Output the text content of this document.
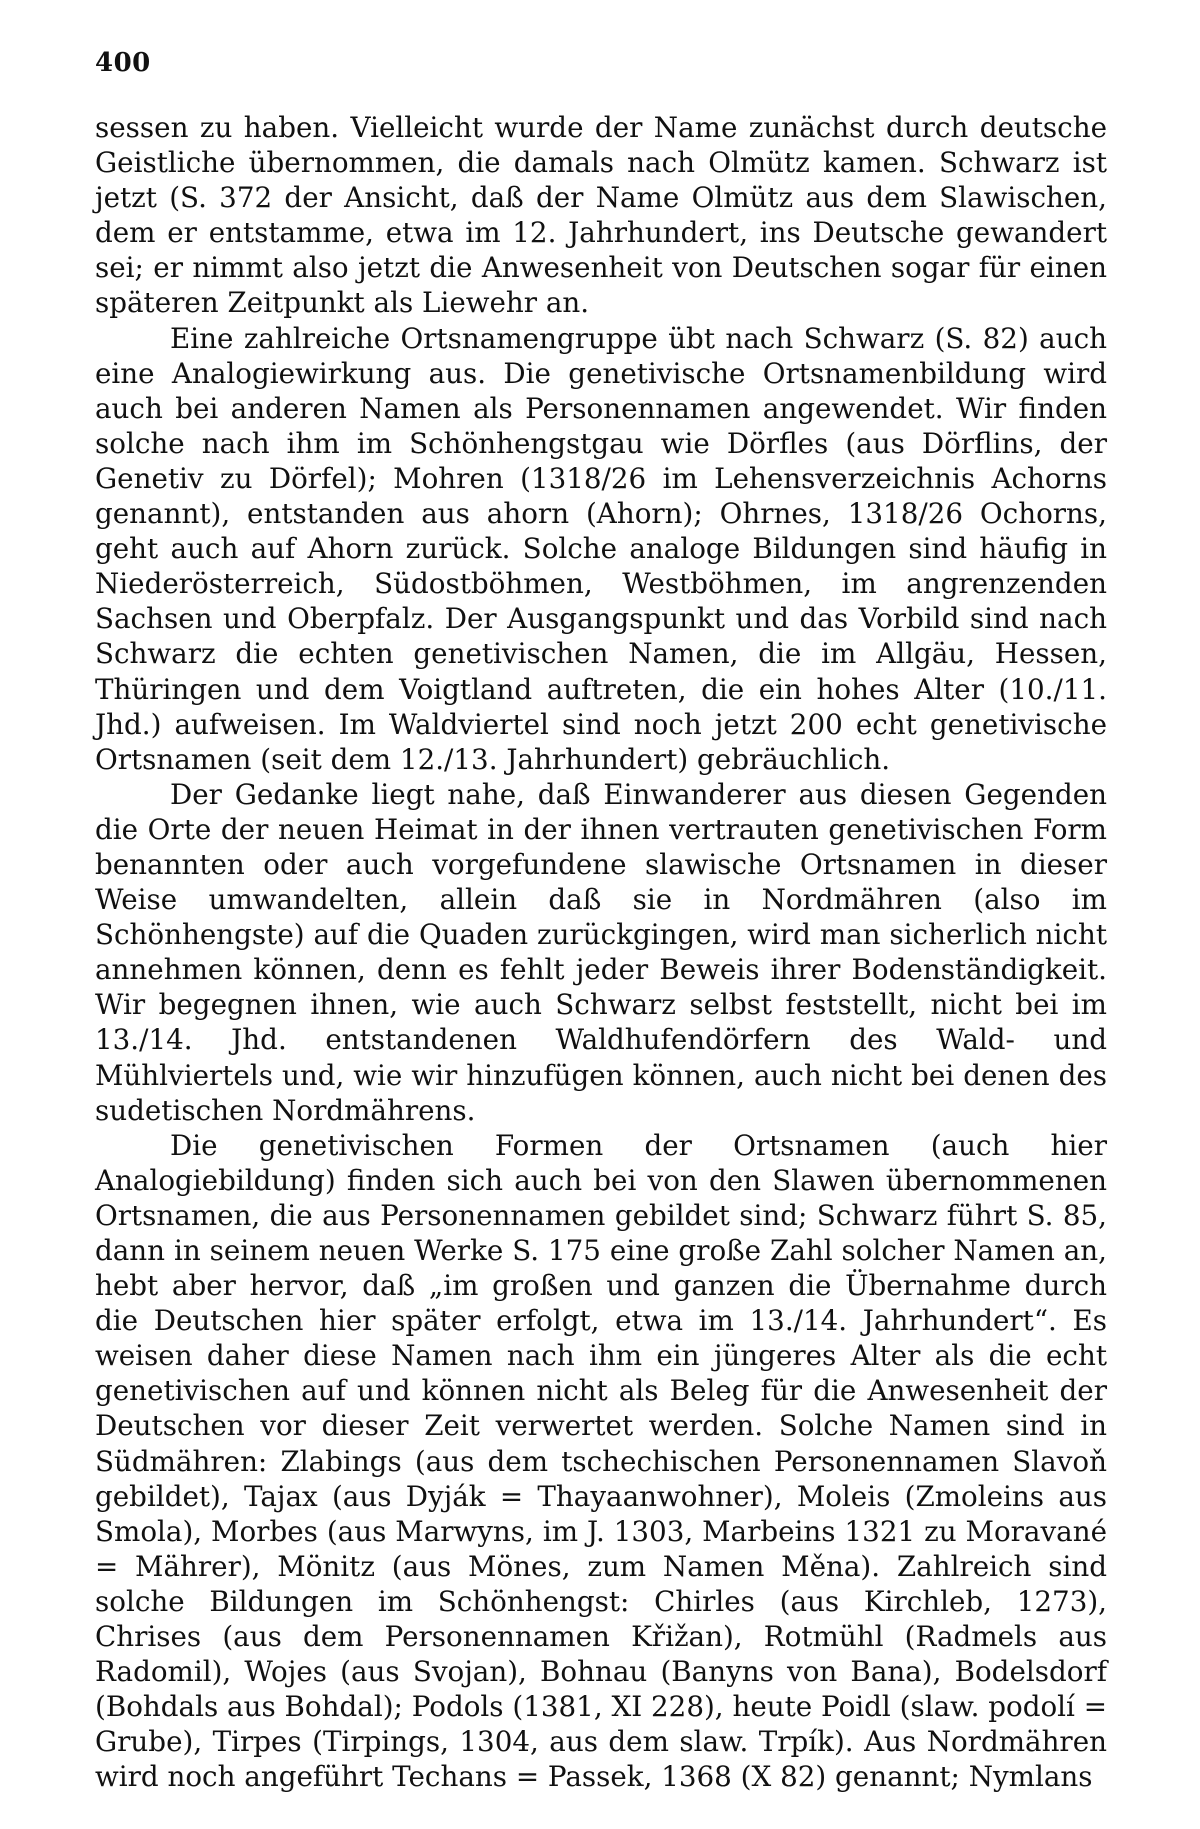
400

sessen zu haben. Vielleicht wurde der Name zunächst durch deutsche Geistliche übernommen, die damals nach Olmütz kamen. Schwarz ist jetzt (S. 372 der Ansicht, daß der Name Olmütz aus dem Slawischen, dem er entstamme, etwa im 12. Jahrhundert, ins Deutsche gewandert sei; er nimmt also jetzt die Anwesenheit von Deutschen sogar für einen späteren Zeitpunkt als Liewehr an.

Eine zahlreiche Ortsnamengruppe übt nach Schwarz (S. 82) auch eine Analogiewirkung aus. Die genetivische Ortsnamenbildung wird auch bei anderen Namen als Personennamen angewendet. Wir finden solche nach ihm im Schönhengstgau wie Dörfles (aus Dörflins, der Genetiv zu Dörfel); Mohren (1318/26 im Lehensverzeichnis Achorns genannt), entstanden aus ahorn (Ahorn); Ohrnes, 1318/26 Ochorns, geht auch auf Ahorn zurück. Solche analoge Bildungen sind häufig in Niederösterreich, Südostböhmen, Westböhmen, im angrenzenden Sachsen und Oberpfalz. Der Ausgangspunkt und das Vorbild sind nach Schwarz die echten genetivischen Namen, die im Allgäu, Hessen, Thüringen und dem Voigtland auftreten, die ein hohes Alter (10./11. Jhd.) aufweisen. Im Waldviertel sind noch jetzt 200 echt genetivische Ortsnamen (seit dem 12./13. Jahrhundert) gebräuchlich.

Der Gedanke liegt nahe, daß Einwanderer aus diesen Gegenden die Orte der neuen Heimat in der ihnen vertrauten genetivischen Form benannten oder auch vorgefundene slawische Ortsnamen in dieser Weise umwandelten, allein daß sie in Nordmähren (also im Schönhengste) auf die Quaden zurückgingen, wird man sicherlich nicht annehmen können, denn es fehlt jeder Beweis ihrer Bodenständigkeit. Wir begegnen ihnen, wie auch Schwarz selbst feststellt, nicht bei im 13./14. Jhd. entstandenen Waldhufendörfern des Wald- und Mühlviertels und, wie wir hinzufügen können, auch nicht bei denen des sudetischen Nordmährens.

Die genetivischen Formen der Ortsnamen (auch hier Analogiebildung) finden sich auch bei von den Slawen übernommenen Ortsnamen, die aus Personennamen gebildet sind; Schwarz führt S. 85, dann in seinem neuen Werke S. 175 eine große Zahl solcher Namen an, hebt aber hervor, daß „im großen und ganzen die Übernahme durch die Deutschen hier später erfolgt, etwa im 13./14. Jahrhundert“. Es weisen daher diese Namen nach ihm ein jüngeres Alter als die echt genetivischen auf und können nicht als Beleg für die Anwesenheit der Deutschen vor dieser Zeit verwertet werden. Solche Namen sind in Südmähren: Zlabings (aus dem tschechischen Personennamen Slavoň gebildet), Tajax (aus Dyják = Thayaanwohner), Moleis (Zmoleins aus Smola), Morbes (aus Marwyns, im J. 1303, Marbeins 1321 zu Moravané = Mährer), Mönitz (aus Mönes, zum Namen Měna). Zahlreich sind solche Bildungen im Schönhengst: Chirles (aus Kirchleb, 1273), Chrises (aus dem Personennamen Křižan), Rotmühl (Radmels aus Radomil), Wojes (aus Svojan), Bohnau (Banyns von Bana), Bodelsdorf (Bohdals aus Bohdal); Podols (1381, XI 228), heute Poidl (slaw. podolí = Grube), Tirpes (Tirpings, 1304, aus dem slaw. Trpík). Aus Nordmähren wird noch angeführt Techans = Passek, 1368 (X 82) genannt; Nymlans
